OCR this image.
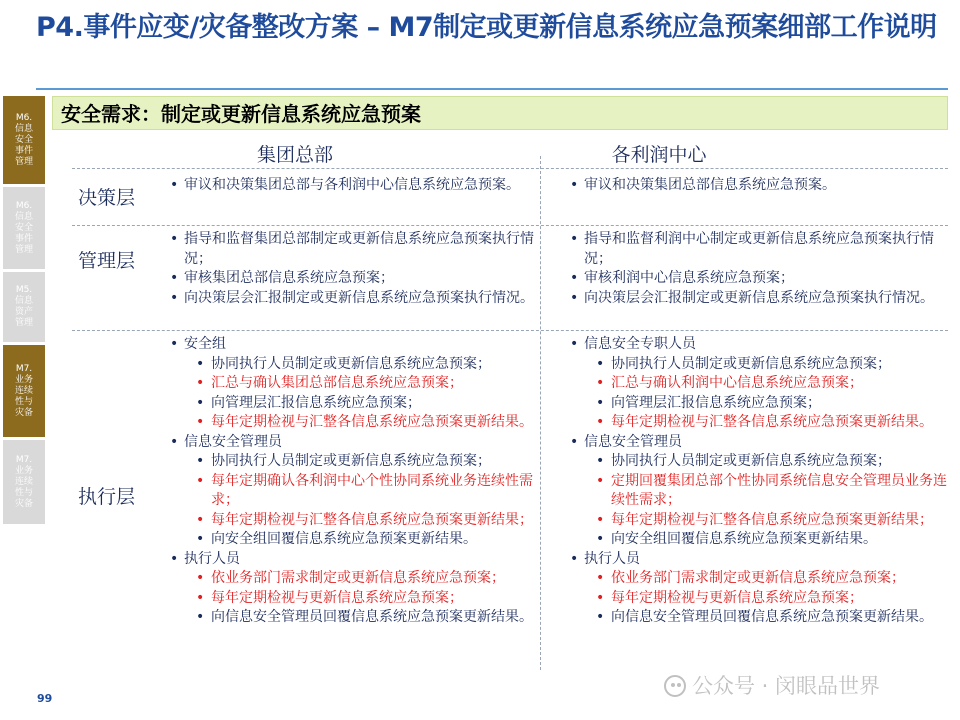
P4.事件应变/灾备整改方案 – M7制定或更新信息系统应急预案细部工作说明
M6.信息安全事件管理
M6.信息安全事件管理
M5.信息资产管理
M7.业务连续性与灾备
M7.业务连续性与灾备
安全需求：制定或更新信息系统应急预案
集团总部	各利润中心
决策层
• 审议和决策集团总部与各利润中心信息系统应急预案。
•	审议和决策集团总部信息系统应急预案。
管理层
• 指导和监督集团总部制定或更新信息系统应急预案执行情况；
• 审核集团总部信息系统应急预案；
• 向决策层会汇报制定或更新信息系统应急预案执行情况。
• 指导和监督利润中心制定或更新信息系统应急预案执行情况；
• 审核利润中心信息系统应急预案；
• 向决策层会汇报制定或更新信息系统应急预案执行情况。
执行层
• 安全组
• 协同执行人员制定或更新信息系统应急预案；
• 汇总与确认集团总部信息系统应急预案；
• 向管理层汇报信息系统应急预案；
• 每年定期检视与汇整各信息系统应急预案更新结果。
• 信息安全管理员
• 协同执行人员制定或更新信息系统应急预案；
• 每年定期确认各利润中心个性协同系统业务连续性需求；
• 每年定期检视与汇整各信息系统应急预案更新结果；
• 向安全组回覆信息系统应急预案更新结果。
• 执行人员
• 依业务部门需求制定或更新信息系统应急预案；
• 每年定期检视与更新信息系统应急预案；
• 向信息安全管理员回覆信息系统应急预案更新结果。
• 信息安全专职人员
• 协同执行人员制定或更新信息系统应急预案；
• 汇总与确认利润中心信息系统应急预案；
• 向管理层汇报信息系统应急预案；
• 每年定期检视与汇整各信息系统应急预案更新结果。
• 信息安全管理员
• 协同执行人员制定或更新信息系统应急预案；
• 定期回覆集团总部个性协同系统信息安全管理员业务连续性需求；
• 每年定期检视与汇整各信息系统应急预案更新结果；
• 向安全组回覆信息系统应急预案更新结果。
• 执行人员
• 依业务部门需求制定或更新信息系统应急预案；
• 每年定期检视与更新信息系统应急预案；
• 向信息安全管理员回覆信息系统应急预案更新结果。
99
公众号 · 闵眼品世界
